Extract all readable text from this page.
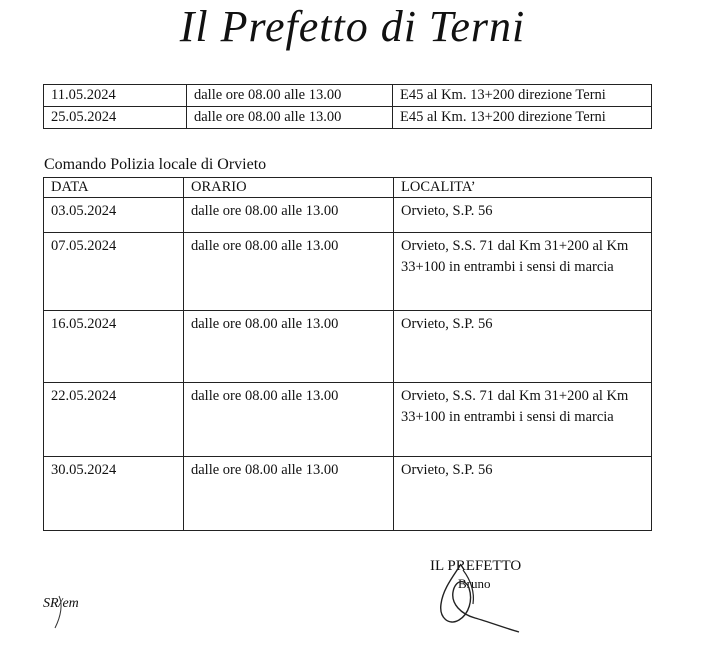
Il Prefetto di Terni
11.05.2024	dalle ore 08.00 alle 13.00	E45 al Km. 13+200 direzione Terni
25.05.2024	dalle ore 08.00 alle 13.00	E45 al Km. 13+200 direzione Terni
Comando Polizia locale di Orvieto
DATA	ORARIO	LOCALITA’
03.05.2024	dalle ore 08.00 alle 13.00	Orvieto, S.P. 56
07.05.2024	dalle ore 08.00 alle 13.00	Orvieto, S.S. 71 dal Km 31+200 al Km 33+100 in entrambi i sensi di marcia
16.05.2024	dalle ore 08.00 alle 13.00	Orvieto, S.P. 56
22.05.2024	dalle ore 08.00 alle 13.00	Orvieto, S.S. 71 dal Km 31+200 al Km 33+100 in entrambi i sensi di marcia
30.05.2024	dalle ore 08.00 alle 13.00	Orvieto, S.P. 56
IL PREFETTO
Bruno
SR/em
